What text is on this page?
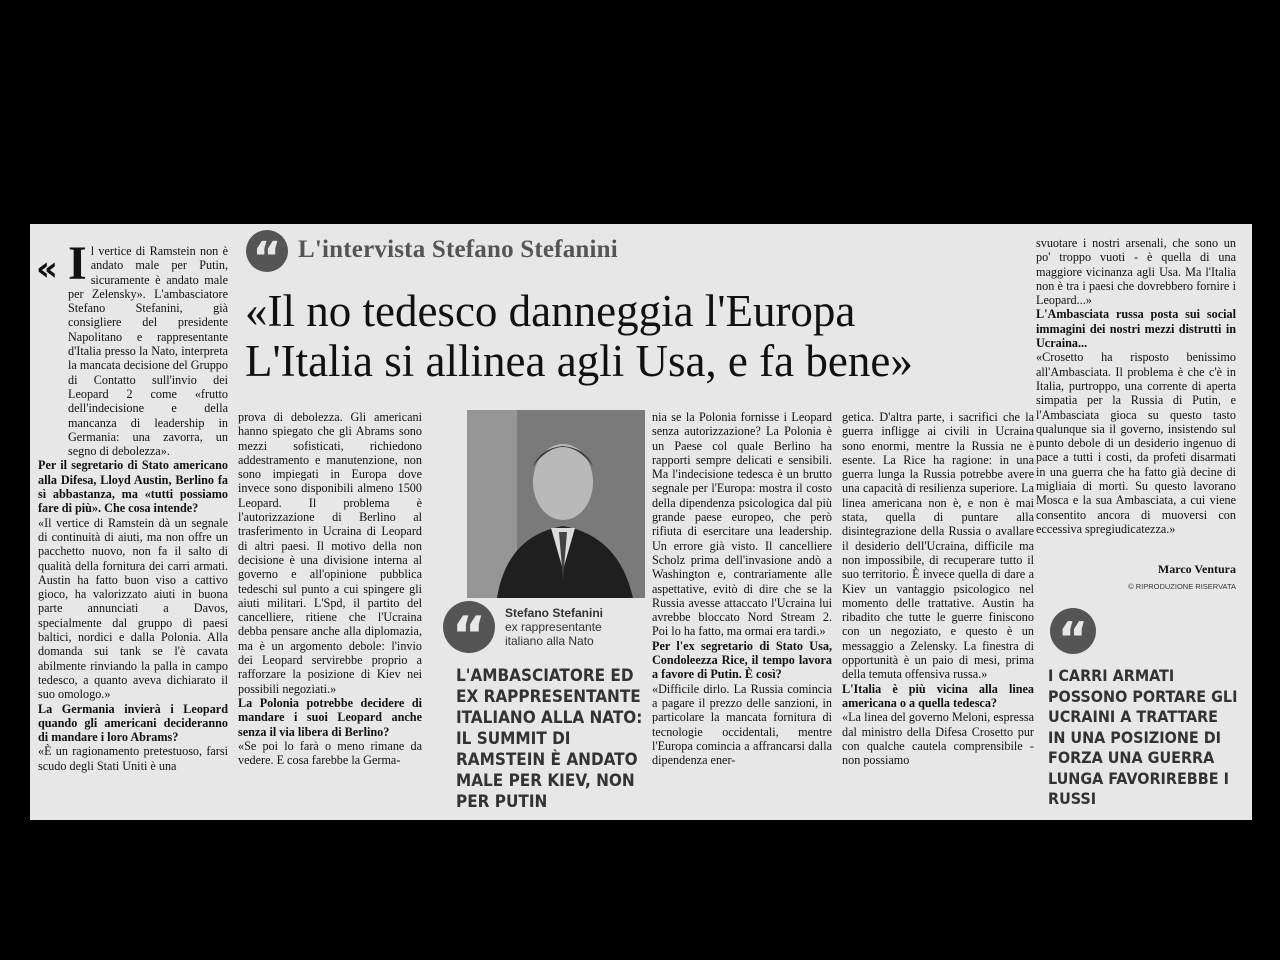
« Il vertice di Ramstein non è andato male per Putin, sicuramente è andato male per Zelensky». L'ambasciatore Stefano Stefanini, già consigliere del presidente Napolitano e rappresentante d'Italia presso la Nato, interpreta la mancata decisione del Gruppo di Contatto sull'invio dei Leopard 2 come «frutto dell'indecisione e della mancanza di leadership in Germania: una zavorra, un segno di debolezza».

Per il segretario di Stato americano alla Difesa, Lloyd Austin, Berlino fa sì abbastanza, ma «tutti possiamo fare di più». Che cosa intende?

«Il vertice di Ramstein dà un segnale di continuità di aiuti, ma non offre un pacchetto nuovo, non fa il salto di qualità della fornitura dei carri armati. Austin ha fatto buon viso a cattivo gioco, ha valorizzato aiuti in buona parte annunciati a Davos, specialmente dal gruppo di paesi baltici, nordici e dalla Polonia. Alla domanda sui tank se l'è cavata abilmente rinviando la palla in campo tedesco, a quanto aveva dichiarato il suo omologo.»

La Germania invierà i Leopard quando gli americani decideranno di mandare i loro Abrams?

«È un ragionamento pretestuoso, farsi scudo degli Stati Uniti è una

“ L'intervista Stefano Stefanini
«Il no tedesco danneggia l'Europa
L'Italia si allinea agli Usa, e fa bene»

prova di debolezza. Gli americani hanno spiegato che gli Abrams sono mezzi sofisticati, richiedono addestramento e manutenzione, non sono impiegati in Europa dove invece sono disponibili almeno 1500 Leopard. Il problema è l'autorizzazione di Berlino al trasferimento in Ucraina di Leopard di altri paesi. Il motivo della non decisione è una divisione interna al governo e all'opinione pubblica tedeschi sul punto a cui spingere gli aiuti militari. L'Spd, il partito del cancelliere, ritiene che l'Ucraina debba pensare anche alla diplomazia, ma è un argomento debole: l'invio dei Leopard servirebbe proprio a rafforzare la posizione di Kiev nei possibili negoziati.»

La Polonia potrebbe decidere di mandare i suoi Leopard anche senza il via libera di Berlino?

«Se poi lo farà o meno rimane da vedere. E cosa farebbe la Germa-

“	Stefano Stefanini
ex rappresentante
italiano alla Nato
L'AMBASCIATORE ED EX RAPPRESENTANTE ITALIANO ALLA NATO: IL SUMMIT DI RAMSTEIN È ANDATO MALE PER KIEV, NON PER PUTIN

nia se la Polonia fornisse i Leopard senza autorizzazione? La Polonia è un Paese col quale Berlino ha rapporti sempre delicati e sensibili. Ma l'indecisione tedesca è un brutto segnale per l'Europa: mostra il costo della dipendenza psicologica dal più grande paese europeo, che però rifiuta di esercitare una leadership. Un errore già visto. Il cancelliere Scholz prima dell'invasione andò a Washington e, contrariamente alle aspettative, evitò di dire che se la Russia avesse attaccato l'Ucraina lui avrebbe bloccato Nord Stream 2. Poi lo ha fatto, ma ormai era tardi.»

Per l'ex segretario di Stato Usa, Condoleezza Rice, il tempo lavora a favore di Putin. È così?

«Difficile dirlo. La Russia comincia a pagare il prezzo delle sanzioni, in particolare la mancata fornitura di tecnologie occidentali, mentre l'Europa comincia a affrancarsi dalla dipendenza ener-

getica. D'altra parte, i sacrifici che la guerra infligge ai civili in Ucraina sono enormi, mentre la Russia ne è esente. La Rice ha ragione: in una guerra lunga la Russia potrebbe avere una capacità di resilienza superiore. La linea americana non è, e non è mai stata, quella di puntare alla disintegrazione della Russia o avallare il desiderio dell'Ucraina, difficile ma non impossibile, di recuperare tutto il suo territorio. È invece quella di dare a Kiev un vantaggio psicologico nel momento delle trattative. Austin ha ribadito che tutte le guerre finiscono con un negoziato, e questo è un messaggio a Zelensky. La finestra di opportunità è un paio di mesi, prima della temuta offensiva russa.»

L'Italia è più vicina alla linea americana o a quella tedesca?

«La linea del governo Meloni, espressa dal ministro della Difesa Crosetto pur con qualche cautela comprensibile - non possiamo

svuotare i nostri arsenali, che sono un po' troppo vuoti - è quella di una maggiore vicinanza agli Usa. Ma l'Italia non è tra i paesi che dovrebbero fornire i Leopard...»

L'Ambasciata russa posta sui social immagini dei nostri mezzi distrutti in Ucraina...

«Crosetto ha risposto benissimo all'Ambasciata. Il problema è che c'è in Italia, purtroppo, una corrente di aperta simpatia per la Russia di Putin, e l'Ambasciata gioca su questo tasto qualunque sia il governo, insistendo sul punto debole di un desiderio ingenuo di pace a tutti i costi, da profeti disarmati in una guerra che ha fatto già decine di migliaia di morti. Su questo lavorano Mosca e la sua Ambasciata, a cui viene consentito ancora di muoversi con eccessiva spregiudicatezza.»

Marco Ventura
© RIPRODUZIONE RISERVATA
“
I CARRI ARMATI POSSONO PORTARE GLI UCRAINI A TRATTARE IN UNA POSIZIONE DI FORZA UNA GUERRA LUNGA FAVORIREBBE I RUSSI
